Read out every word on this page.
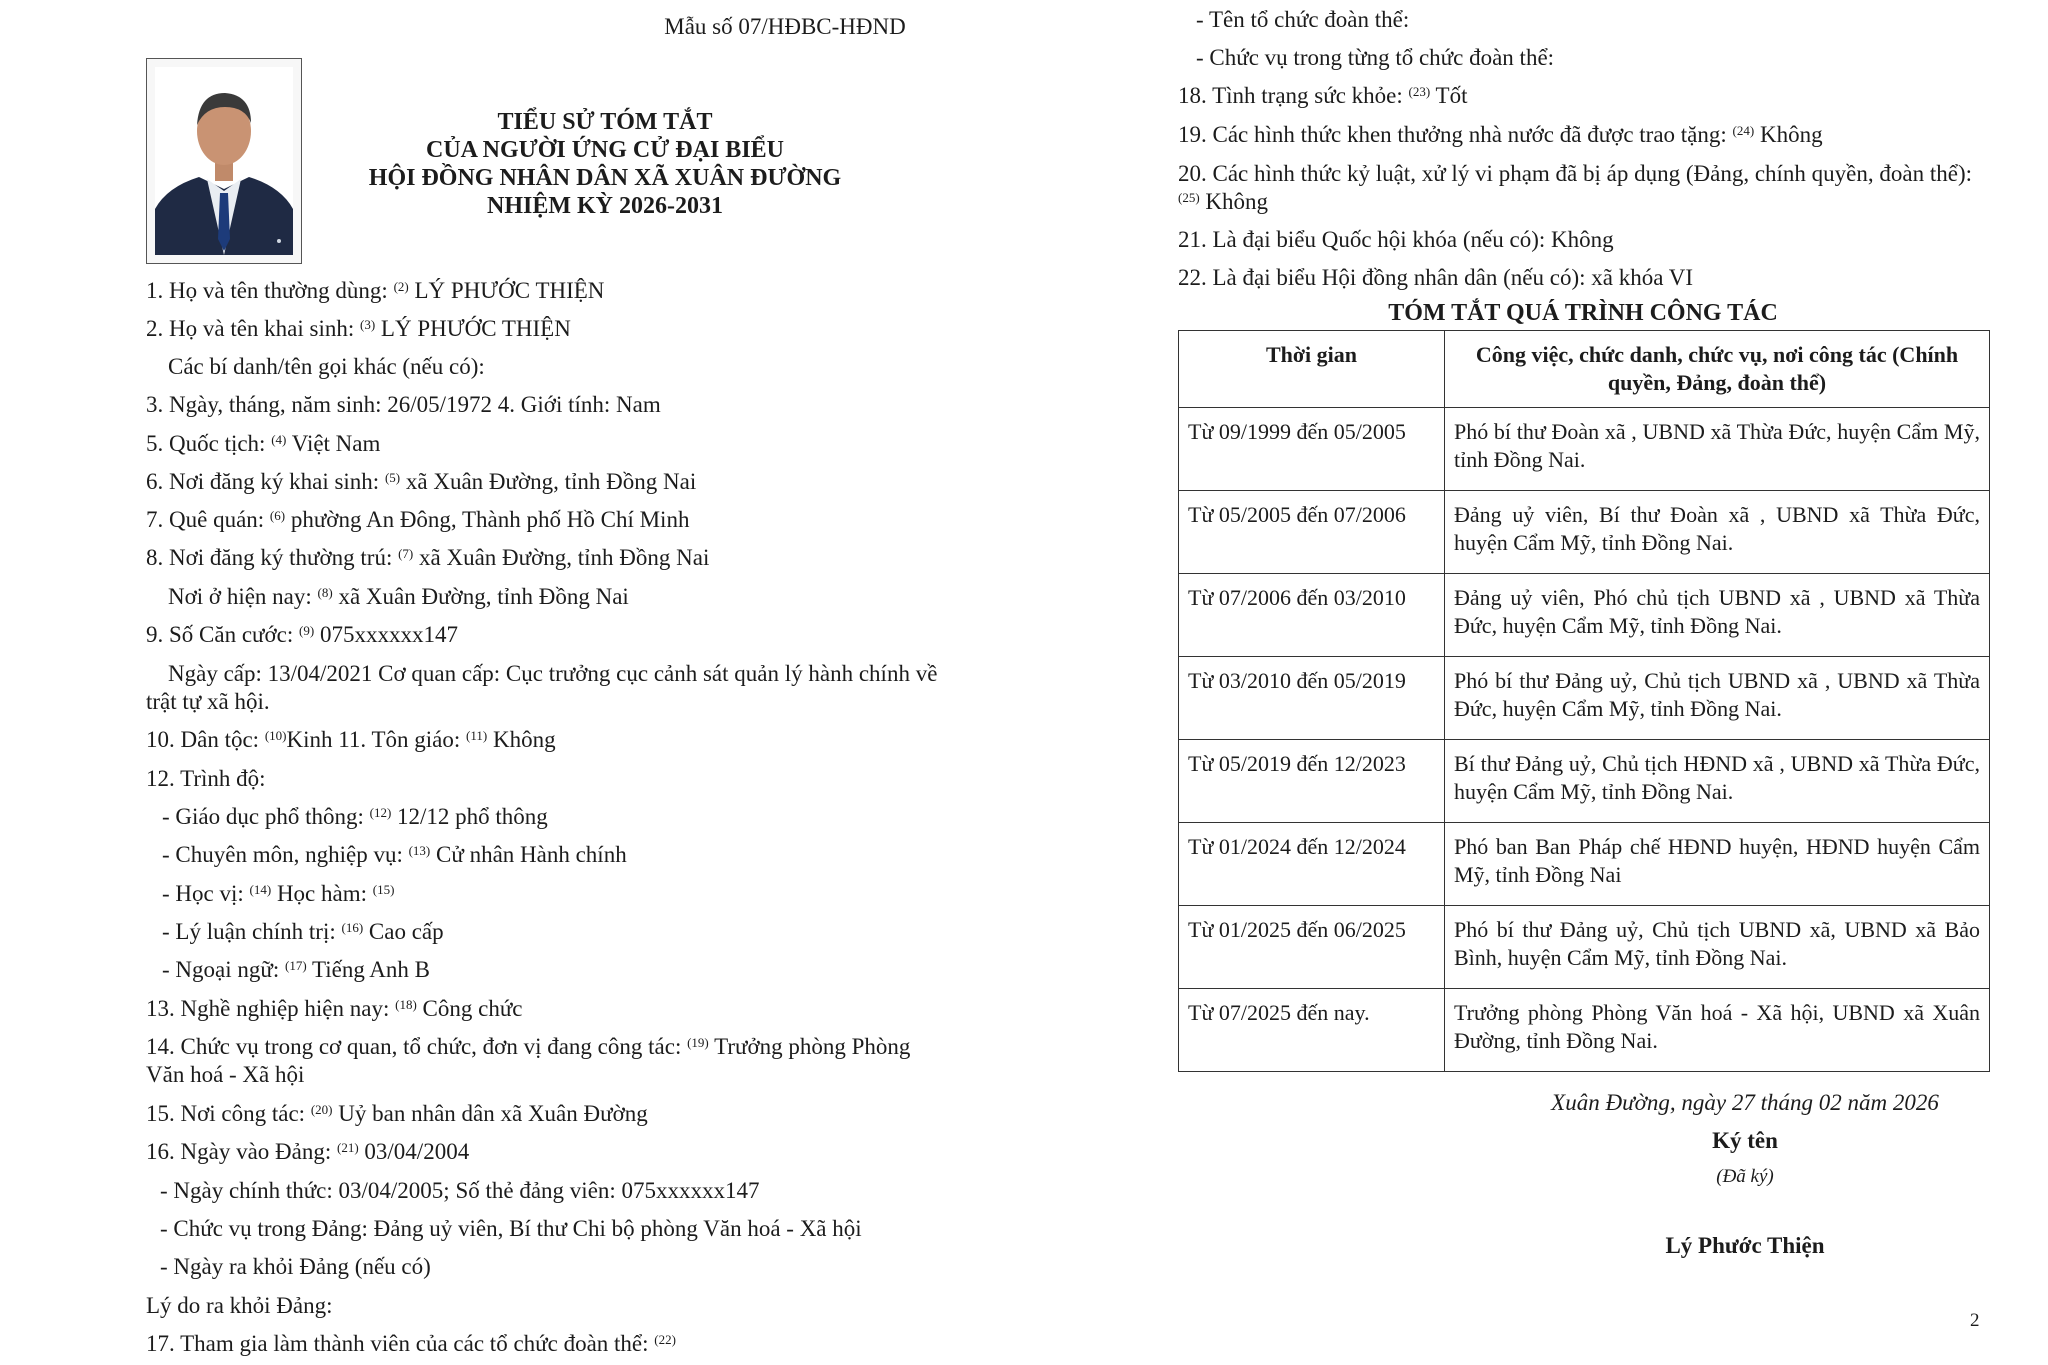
Mẫu số 07/HĐBC-HĐND
TIỂU SỬ TÓM TẮT
CỦA NGƯỜI ỨNG CỬ ĐẠI BIỂU
HỘI ĐỒNG NHÂN DÂN XÃ XUÂN ĐƯỜNG
NHIỆM KỲ 2026-2031
1. Họ và tên thường dùng: $^{(2)}$ LÝ PHƯỚC THIỆN
2. Họ và tên khai sinh: $^{(3)}$ LÝ PHƯỚC THIỆN
Các bí danh/tên gọi khác (nếu có):
3. Ngày, tháng, năm sinh: 26/05/1972 4. Giới tính: Nam
5. Quốc tịch: $^{(4)}$ Việt Nam
6. Nơi đăng ký khai sinh: $^{(5)}$ xã Xuân Đường, tỉnh Đồng Nai
7. Quê quán: $^{(6)}$ phường An Đông, Thành phố Hồ Chí Minh
8. Nơi đăng ký thường trú: $^{(7)}$ xã Xuân Đường, tỉnh Đồng Nai
Nơi ở hiện nay: $^{(8)}$ xã Xuân Đường, tỉnh Đồng Nai
9. Số Căn cước: $^{(9)}$ 075xxxxxx147
Ngày cấp: 13/04/2021 Cơ quan cấp: Cục trưởng cục cảnh sát quản lý hành chính về
trật tự xã hội.
10. Dân tộc: $^{(10)}$Kinh 11. Tôn giáo: $^{(11)}$ Không
12. Trình độ:
- Giáo dục phổ thông: $^{(12)}$ 12/12 phổ thông
- Chuyên môn, nghiệp vụ: $^{(13)}$ Cử nhân Hành chính
- Học vị: $^{(14)}$ Học hàm: $^{(15)}$
- Lý luận chính trị: $^{(16)}$ Cao cấp
- Ngoại ngữ: $^{(17)}$ Tiếng Anh B
13. Nghề nghiệp hiện nay: $^{(18)}$ Công chức
14. Chức vụ trong cơ quan, tổ chức, đơn vị đang công tác: $^{(19)}$ Trưởng phòng Phòng
Văn hoá - Xã hội
15. Nơi công tác: $^{(20)}$ Uỷ ban nhân dân xã Xuân Đường
16. Ngày vào Đảng: $^{(21)}$ 03/04/2004
- Ngày chính thức: 03/04/2005; Số thẻ đảng viên: 075xxxxxx147
- Chức vụ trong Đảng: Đảng uỷ viên, Bí thư Chi bộ phòng Văn hoá - Xã hội
- Ngày ra khỏi Đảng (nếu có)
Lý do ra khỏi Đảng:
17. Tham gia làm thành viên của các tổ chức đoàn thể: $^{(22)}$
- Tên tổ chức đoàn thể:
- Chức vụ trong từng tổ chức đoàn thể:
18. Tình trạng sức khỏe: $^{(23)}$ Tốt
19. Các hình thức khen thưởng nhà nước đã được trao tặng: $^{(24)}$ Không
20. Các hình thức kỷ luật, xử lý vi phạm đã bị áp dụng (Đảng, chính quyền, đoàn thể):
$^{(25)}$ Không
21. Là đại biểu Quốc hội khóa (nếu có): Không
22. Là đại biểu Hội đồng nhân dân (nếu có): xã khóa VI
TÓM TẮT QUÁ TRÌNH CÔNG TÁC
Thời gian	Công việc, chức danh, chức vụ, nơi công tác (Chính quyền, Đảng, đoàn thể)
Từ 09/1999 đến 05/2005	Phó bí thư Đoàn xã , UBND xã Thừa Đức, huyện Cẩm Mỹ, tỉnh Đồng Nai.
Từ 05/2005 đến 07/2006	Đảng uỷ viên, Bí thư Đoàn xã , UBND xã Thừa Đức, huyện Cẩm Mỹ, tỉnh Đồng Nai.
Từ 07/2006 đến 03/2010	Đảng uỷ viên, Phó chủ tịch UBND xã , UBND xã Thừa Đức, huyện Cẩm Mỹ, tỉnh Đồng Nai.
Từ 03/2010 đến 05/2019	Phó bí thư Đảng uỷ, Chủ tịch UBND xã , UBND xã Thừa Đức, huyện Cẩm Mỹ, tỉnh Đồng Nai.
Từ 05/2019 đến 12/2023	Bí thư Đảng uỷ, Chủ tịch HĐND xã , UBND xã Thừa Đức, huyện Cẩm Mỹ, tỉnh Đồng Nai.
Từ 01/2024 đến 12/2024	Phó ban Ban Pháp chế HĐND huyện, HĐND huyện Cẩm Mỹ, tỉnh Đồng Nai
Từ 01/2025 đến 06/2025	Phó bí thư Đảng uỷ, Chủ tịch UBND xã, UBND xã Bảo Bình, huyện Cẩm Mỹ, tỉnh Đồng Nai.
Từ 07/2025 đến nay.	Trưởng phòng Phòng Văn hoá - Xã hội, UBND xã Xuân Đường, tỉnh Đồng Nai.
Xuân Đường, ngày 27 tháng 02 năm 2026
Ký tên
(Đã ký)
Lý Phước Thiện
2
